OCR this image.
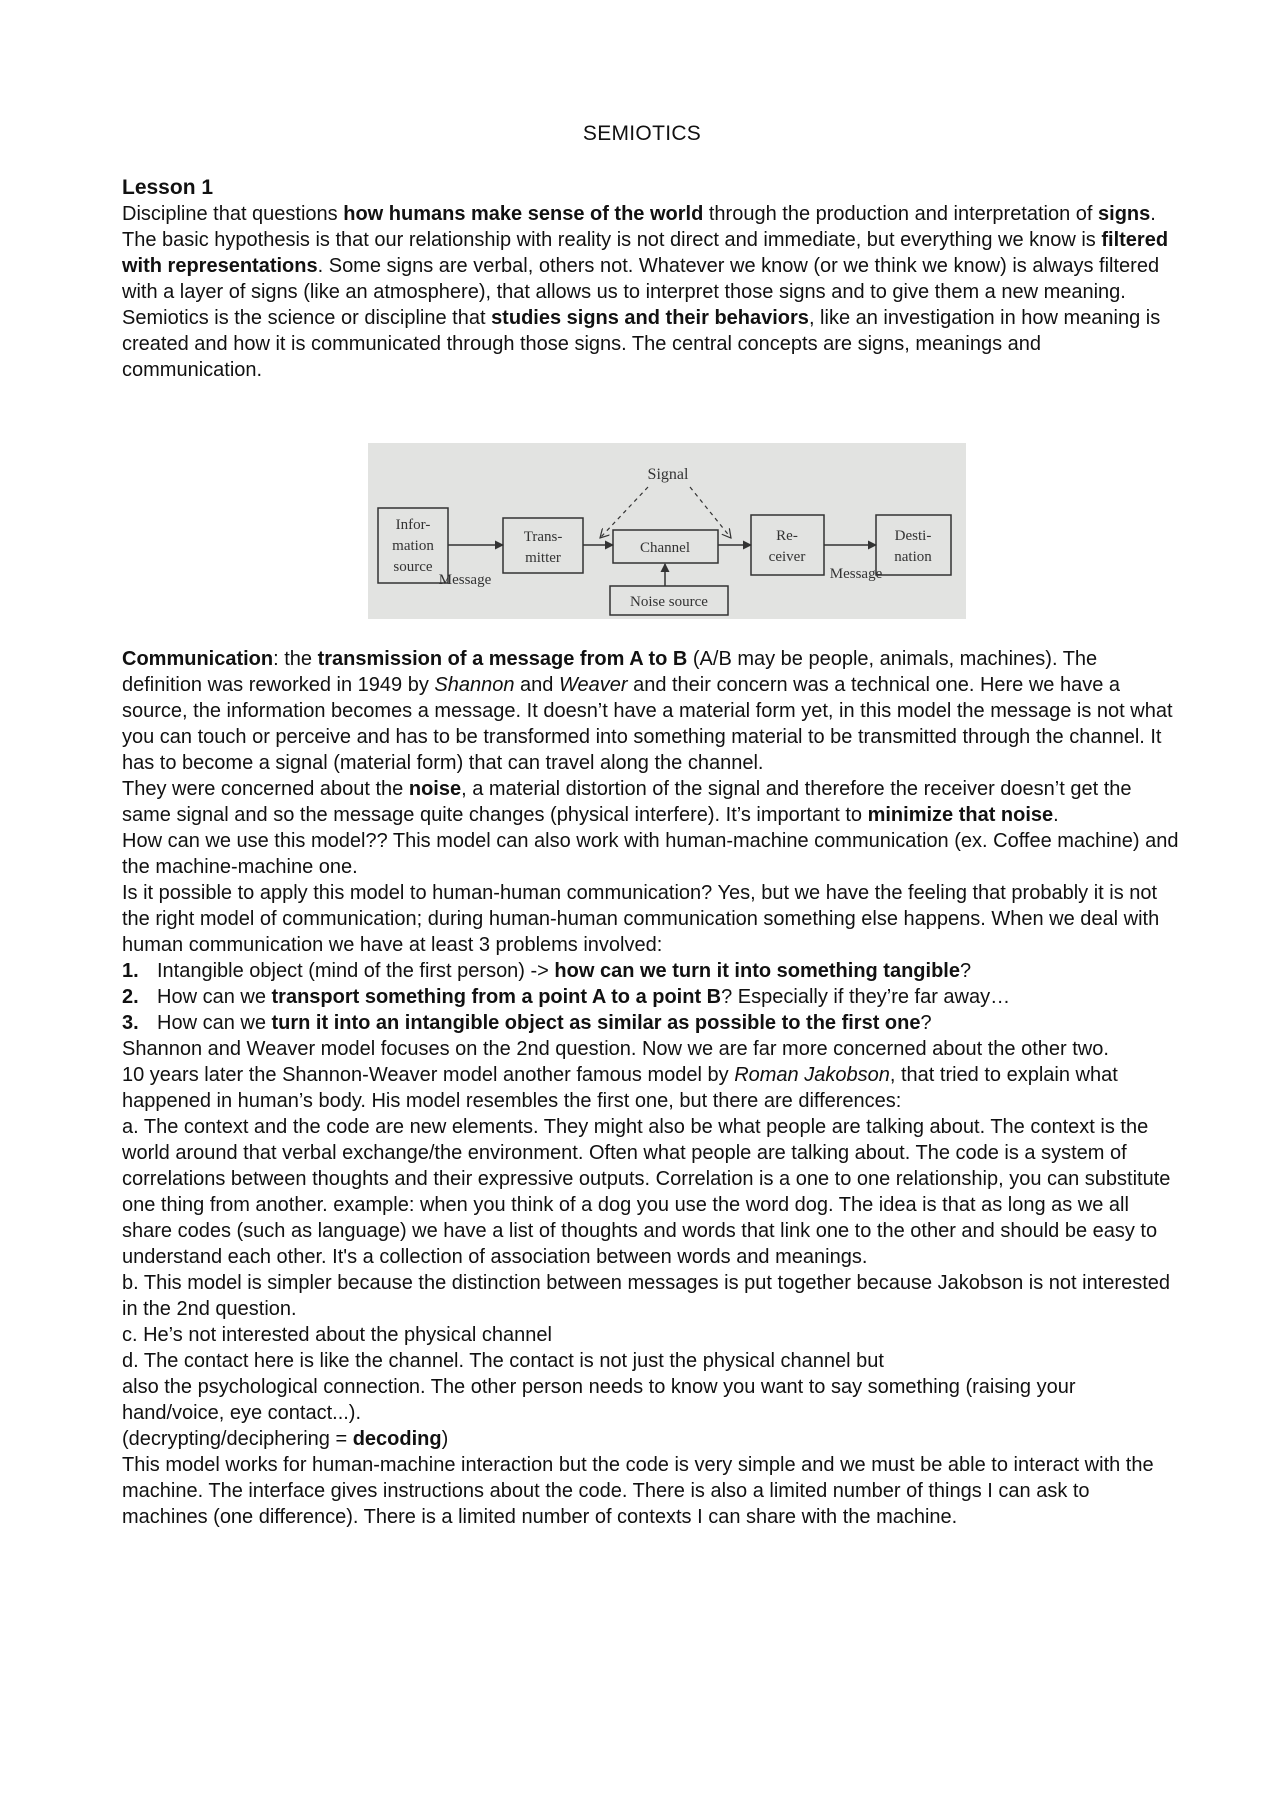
SEMIOTICS
Lesson 1

Discipline that questions how humans make sense of the world through the production and interpretation of signs. The basic hypothesis is that our relationship with reality is not direct and immediate, but everything we know is filtered with representations. Some signs are verbal, others not. Whatever we know (or we think we know) is always filtered with a layer of signs (like an atmosphere), that allows us to interpret those signs and to give them a new meaning.

Semiotics is the science or discipline that studies signs and their behaviors, like an investigation in how meaning is created and how it is communicated through those signs. The central concepts are signs, meanings and communication.

Signal
Infor-
mation
source
Message
Trans-
mitter
Channel
Re-
ceiver
Message
Desti-
nation
Noise source

Communication: the transmission of a message from A to B (A/B may be people, animals, machines). The definition was reworked in 1949 by Shannon and Weaver and their concern was a technical one. Here we have a source, the information becomes a message. It doesn’t have a material form yet, in this model the message is not what you can touch or perceive and has to be transformed into something material to be transmitted through the channel. It has to become a signal (material form) that can travel along the channel.

They were concerned about the noise, a material distortion of the signal and therefore the receiver doesn’t get the same signal and so the message quite changes (physical interfere). It’s important to minimize that noise.

How can we use this model?? This model can also work with human-machine communication (ex. Coffee machine) and the machine-machine one.

Is it possible to apply this model to human-human communication? Yes, but we have the feeling that probably it is not the right model of communication; during human-human communication something else happens. When we deal with human communication we have at least 3 problems involved:

1. Intangible object (mind of the first person) -> how can we turn it into something tangible?

2. How can we transport something from a point A to a point B? Especially if they’re far away…

3. How can we turn it into an intangible object as similar as possible to the first one?

Shannon and Weaver model focuses on the 2nd question. Now we are far more concerned about the other two.

10 years later the Shannon-Weaver model another famous model by Roman Jakobson, that tried to explain what happened in human’s body. His model resembles the first one, but there are differences:

a. The context and the code are new elements. They might also be what people are talking about. The context is the world around that verbal exchange/the environment. Often what people are talking about. The code is a system of correlations between thoughts and their expressive outputs. Correlation is a one to one relationship, you can substitute one thing from another. example: when you think of a dog you use the word dog. The idea is that as long as we all share codes (such as language) we have a list of thoughts and words that link one to the other and should be easy to understand each other. It's a collection of association between words and meanings.

b. This model is simpler because the distinction between messages is put together because Jakobson is not interested in the 2nd question.

c. He’s not interested about the physical channel

d. The contact here is like the channel. The contact is not just the physical channel but

also the psychological connection. The other person needs to know you want to say something (raising your hand/voice, eye contact...).

(decrypting/deciphering = decoding)

This model works for human-machine interaction but the code is very simple and we must be able to interact with the machine. The interface gives instructions about the code. There is also a limited number of things I can ask to machines (one difference). There is a limited number of contexts I can share with the machine.
